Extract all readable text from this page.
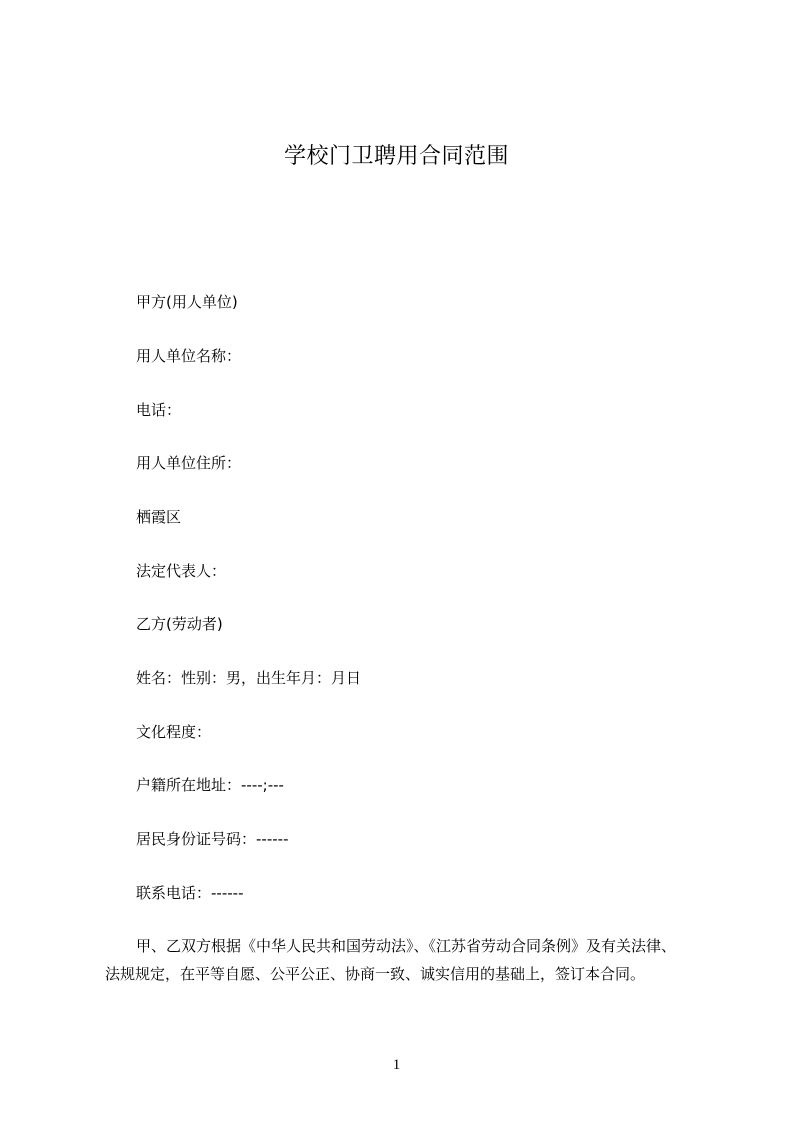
学校门卫聘用合同范围
甲方(用人单位)
用人单位名称：
电话：
用人单位住所：
栖霞区
法定代表人：
乙方(劳动者)
姓名：性别：男，出生年月：月日
文化程度：
户籍所在地址：----;---
居民身份证号码：------
联系电话：------
甲、乙双方根据《中华人民共和国劳动法》、《江苏省劳动合同条例》及有关法律、
法规规定，在平等自愿、公平公正、协商一致、诚实信用的基础上，签订本合同。
1
